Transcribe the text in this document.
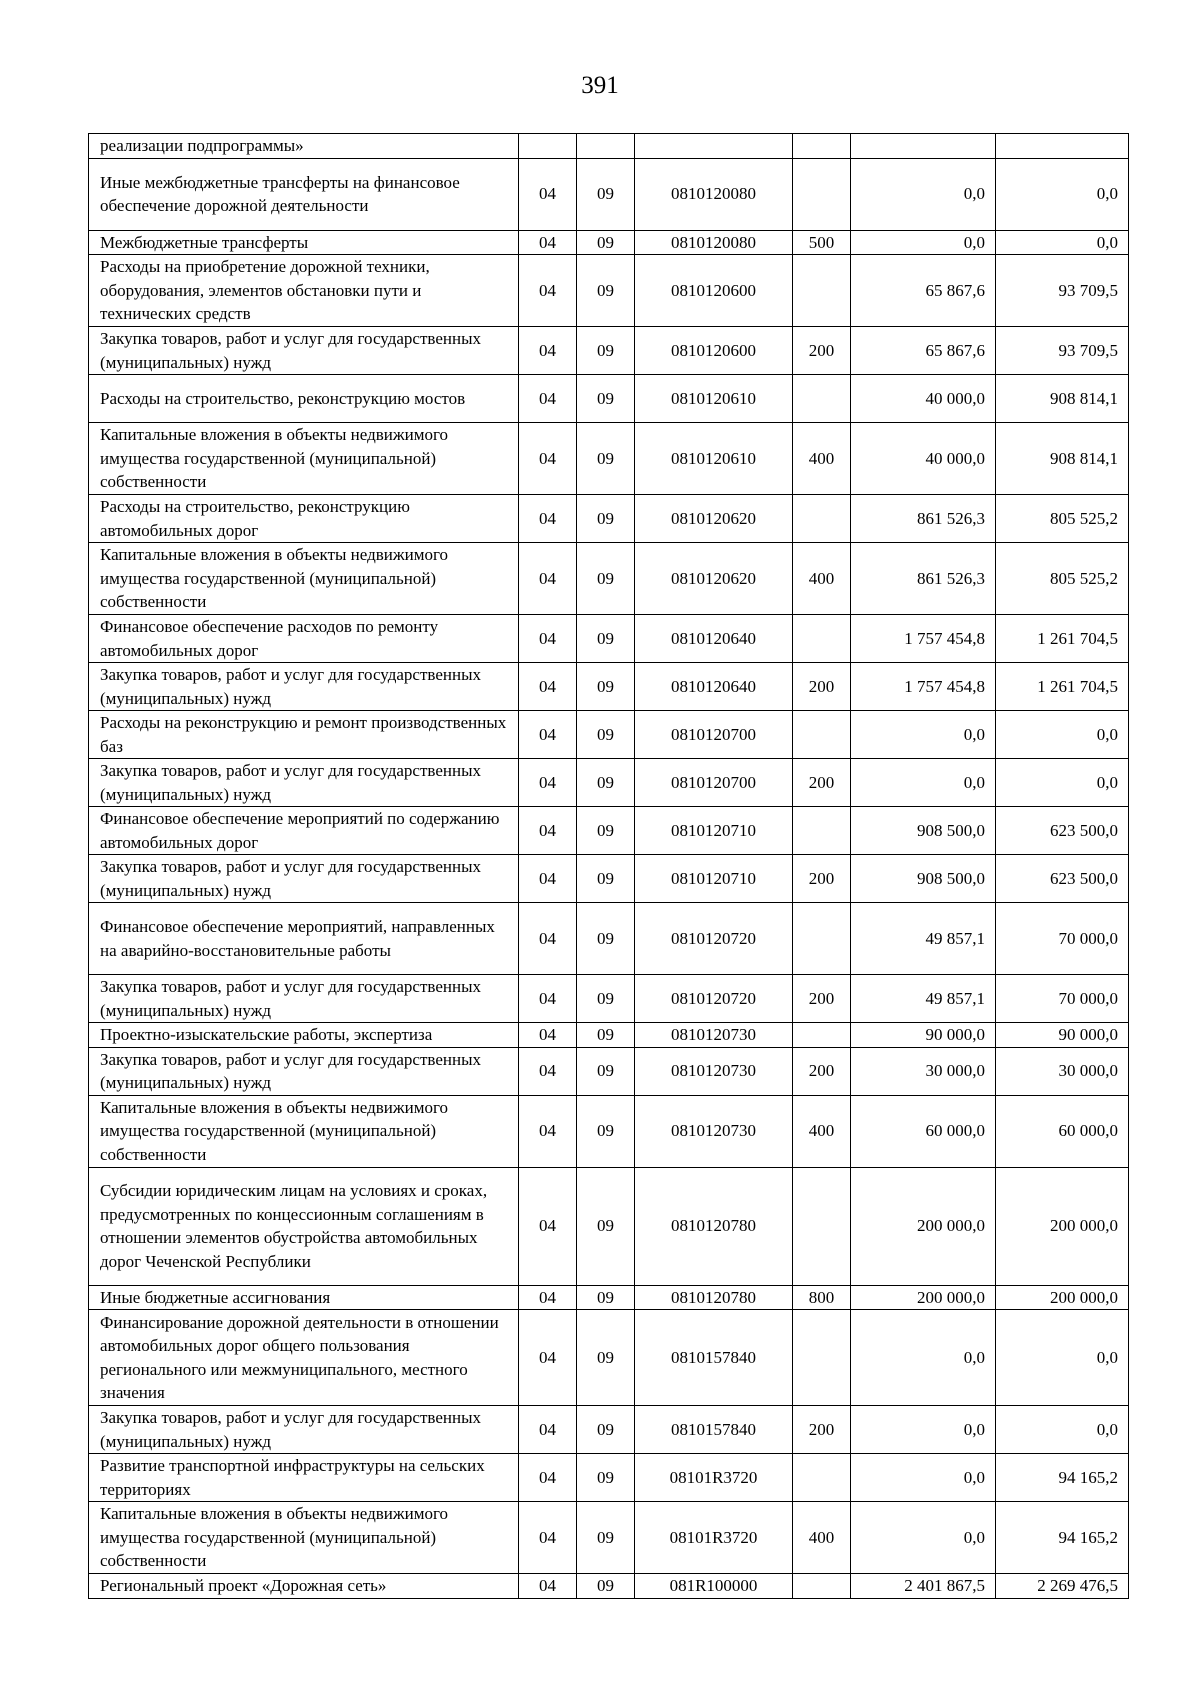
391
реализации подпрограммы»						
Иные межбюджетные трансферты на финансовое обеспечение дорожной деятельности	04	09	0810120080		0,0	0,0
Межбюджетные трансферты	04	09	0810120080	500	0,0	0,0
Расходы на приобретение дорожной техники, оборудования, элементов обстановки пути и технических средств	04	09	0810120600		65 867,6	93 709,5
Закупка товаров, работ и услуг для государственных (муниципальных) нужд	04	09	0810120600	200	65 867,6	93 709,5
Расходы на строительство, реконструкцию мостов	04	09	0810120610		40 000,0	908 814,1
Капитальные вложения в объекты недвижимого имущества государственной (муниципальной) собственности	04	09	0810120610	400	40 000,0	908 814,1
Расходы на строительство, реконструкцию автомобильных дорог	04	09	0810120620		861 526,3	805 525,2
Капитальные вложения в объекты недвижимого имущества государственной (муниципальной) собственности	04	09	0810120620	400	861 526,3	805 525,2
Финансовое обеспечение расходов по ремонту автомобильных дорог	04	09	0810120640		1 757 454,8	1 261 704,5
Закупка товаров, работ и услуг для государственных (муниципальных) нужд	04	09	0810120640	200	1 757 454,8	1 261 704,5
Расходы на реконструкцию и ремонт производственных баз	04	09	0810120700		0,0	0,0
Закупка товаров, работ и услуг для государственных (муниципальных) нужд	04	09	0810120700	200	0,0	0,0
Финансовое обеспечение мероприятий по содержанию автомобильных дорог	04	09	0810120710		908 500,0	623 500,0
Закупка товаров, работ и услуг для государственных (муниципальных) нужд	04	09	0810120710	200	908 500,0	623 500,0
Финансовое обеспечение мероприятий, направленных на аварийно-восстановительные работы	04	09	0810120720		49 857,1	70 000,0
Закупка товаров, работ и услуг для государственных (муниципальных) нужд	04	09	0810120720	200	49 857,1	70 000,0
Проектно-изыскательские работы, экспертиза	04	09	0810120730		90 000,0	90 000,0
Закупка товаров, работ и услуг для государственных (муниципальных) нужд	04	09	0810120730	200	30 000,0	30 000,0
Капитальные вложения в объекты недвижимого имущества государственной (муниципальной) собственности	04	09	0810120730	400	60 000,0	60 000,0
Субсидии юридическим лицам на условиях и сроках, предусмотренных по концессионным соглашениям в отношении элементов обустройства автомобильных дорог Чеченской Республики	04	09	0810120780		200 000,0	200 000,0
Иные бюджетные ассигнования	04	09	0810120780	800	200 000,0	200 000,0
Финансирование дорожной деятельности в отношении автомобильных дорог общего пользования регионального или межмуниципального, местного значения	04	09	0810157840		0,0	0,0
Закупка товаров, работ и услуг для государственных (муниципальных) нужд	04	09	0810157840	200	0,0	0,0
Развитие транспортной инфраструктуры на сельских территориях	04	09	08101R3720		0,0	94 165,2
Капитальные вложения в объекты недвижимого имущества государственной (муниципальной) собственности	04	09	08101R3720	400	0,0	94 165,2
Региональный проект «Дорожная сеть»	04	09	081R100000		2 401 867,5	2 269 476,5
